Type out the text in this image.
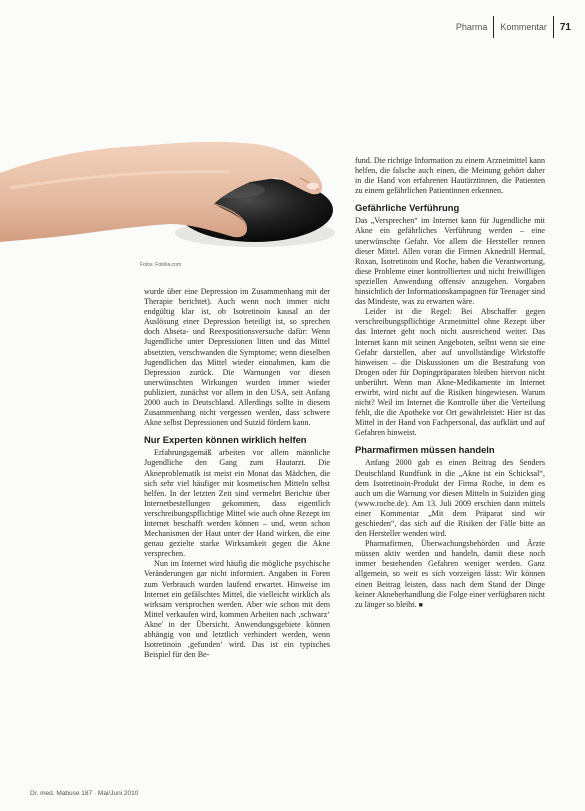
Pharma Kommentar 71
Fotos: Fotolia.com

wurde über eine Depression im Zusammenhang mit der Therapie berichtet). Auch wenn noch immer nicht endgültig klar ist, ob Isotretinoin kausal an der Auslösung einer Depression beteiligt ist, so sprechen doch Abseta- und Reexpositionsversuche dafür: Wenn Jugendliche unter Depressionen litten und das Mittel absetzten, verschwanden die Symptome; wenn dieselben Jugendlichen das Mittel wieder einnahmen, kam die Depression zurück. Die Warnungen vor diesen unerwünschten Wirkungen wurden immer wieder publiziert, zunächst vor allem in den USA, seit Anfang 2000 auch in Deutschland. Allerdings sollte in diesem Zusammenhang nicht vergessen werden, dass schwere Akne selbst Depressionen und Suizid fördern kann.

Nur Experten können wirklich helfen

Erfahrungsgemäß arbeiten vor allem männliche Jugendliche den Gang zum Hautarzt. Die Akneproblematik ist meist ein Monat das Mädchen, die sich sehr viel häufiger mit kosmetischen Mitteln selbst helfen. In der letzten Zeit sind vermehrt Berichte über Internetbestellungen gekommen, dass eigentlich verschreibungspflichtige Mittel wie auch ohne Rezept im Internet beschafft werden können – und, wenn schon Mechanismen der Haut unter der Hand wirken, die eine genau gezielte starke Wirksamkeit gegen die Akne versprechen.

Nun im Internet wird häufig die mögliche psychische Veränderungen gar nicht informiert. Angaben in Foren zum Verbrauch wurden laufend erwartet. Hinweise im Internet ein gefälschtes Mittel, die vielleicht wirklich als wirksam versprochen werden. Aber wie schon mit dem Mittel verkaufen wird, kommen Arbeiten nach ‚schwarz‘ Akne' in der Übersicht. Anwendungsgebiete können abhängig von und letztlich verhindert werden, wenn Isotretinoin ‚gefunden‘ wird. Das ist ein typisches Beispiel für den Be-

fund. Die richtige Information zu einem Arzneimittel kann helfen, die falsche auch einen, die Meinung gehört daher in die Hand von erfahrenen Hautärztinnen, die Patienten zu einem gefährlichen Patientinnen erkennen.

Gefährliche Verführung

Das „Versprechen“ im Internet kann für Jugendliche mit Akne ein gefährliches Verführung werden – eine unerwünschte Gefahr. Vor allem die Hersteller rennen dieser Mittel. Allen voran die Firmen Aknedrill Hermal, Roxan, Isotretinoin und Roche, haben die Verantwortung, diese Probleme einer kontrollierten und nicht freiwilligen speziellen Anwendung offensiv anzugehen. Vorgaben hinsichtlich der Informationskampagnen für Teenager sind das Mindeste, was zu erwarten wäre.

Leider ist die Regel: Bei Abschaffer gegen verschreibungspflichtige Arzneimittel ohne Rezept über das Internet geht noch nicht ausreichend weiter. Das Internet kann mit seinen Angeboten, selbst wenn sie eine Gefahr darstellen, aber auf unvollständige Wirkstoffe hinweisen – die Diskussionen um die Bestrafung von Drogen oder für Dopingpräparaten bleiben hiervon nicht unberührt. Wenn man Akne-Medikamente im Internet erwirbt, wird nicht auf die Risiken hingewiesen. Warum nicht? Weil im Internet die Kontrolle über die Verteilung fehlt, die die Apotheke vor Ort gewährleistet: Hier ist das Mittel in der Hand von Fachpersonal, das aufklärt und auf Gefahren hinweist.

Pharmafirmen müssen handeln

Anfang 2000 gab es einen Beitrag des Senders Deutschland Rundfunk in die „Akne ist ein Schicksal“, dem Isotretinoin-Produkt der Firma Roche, in dem es auch um die Warnung vor diesen Mitteln in Suiziden ging (www.roche.de). Am 13. Juli 2009 erschien dann mittels einer Kommentar „Mit dem Präparat sind wir geschieden“, das sich auf die Risiken der Fälle bitte an den Hersteller wenden wird.

Pharmafirmen, Überwachungsbehörden und Ärzte müssen aktiv werden und handeln, damit diese noch immer bestehenden Gefahren weniger werden. Ganz allgemein, so weit es sich vorzeigen lässt: Wir können einen Beitrag leisten, dass nach dem Stand der Dinge keiner Akneberhandlung die Folge einer verfügbaren nicht zu länger so bleibt. ■

Dr. med. Mabuse 187 · Mai/Juni 2010
